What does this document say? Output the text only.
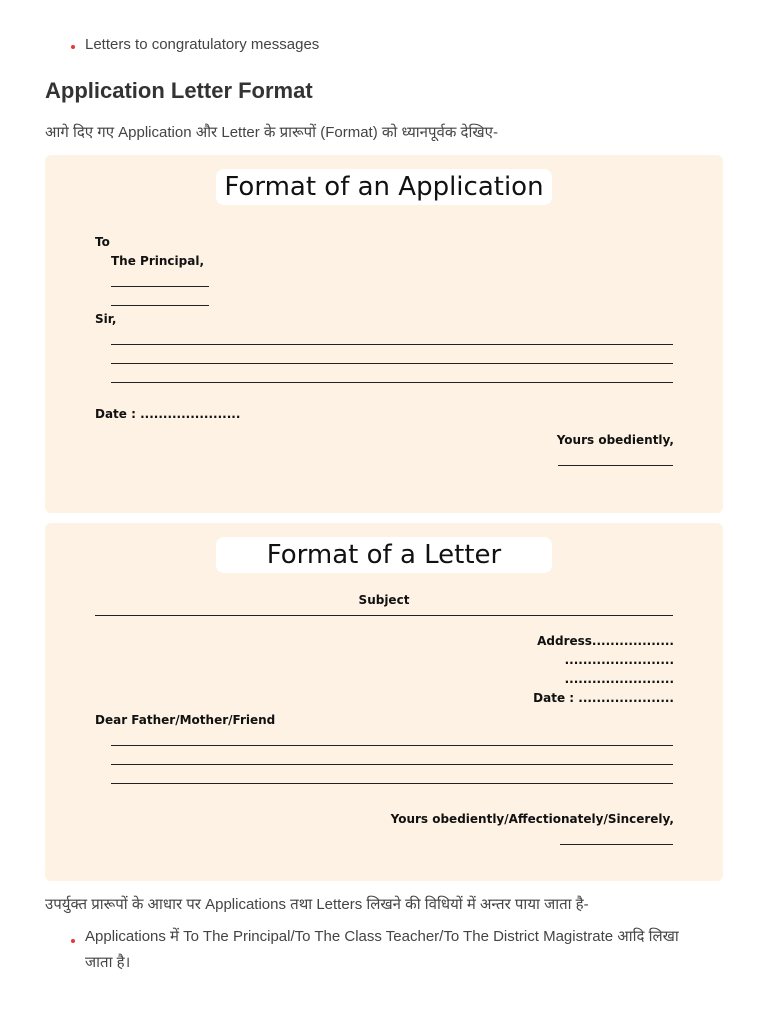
Letters to congratulatory messages
Application Letter Format
आगे दिए गए Application और Letter के प्रारूपों (Format) को ध्यानपूर्वक देखिए-
Format of an Application
To
The Principal,
Sir,
Date : ......................
Yours obediently,
Format of a Letter
Subject
Address..................
........................
........................
Date : .....................
Dear Father/Mother/Friend
Yours obediently/Affectionately/Sincerely,
उपर्युक्त प्रारूपों के आधार पर Applications तथा Letters लिखने की विधियों में अन्तर पाया जाता है-
Applications में To The Principal/To The Class Teacher/To The District Magistrate आदि लिखा
जाता है।
